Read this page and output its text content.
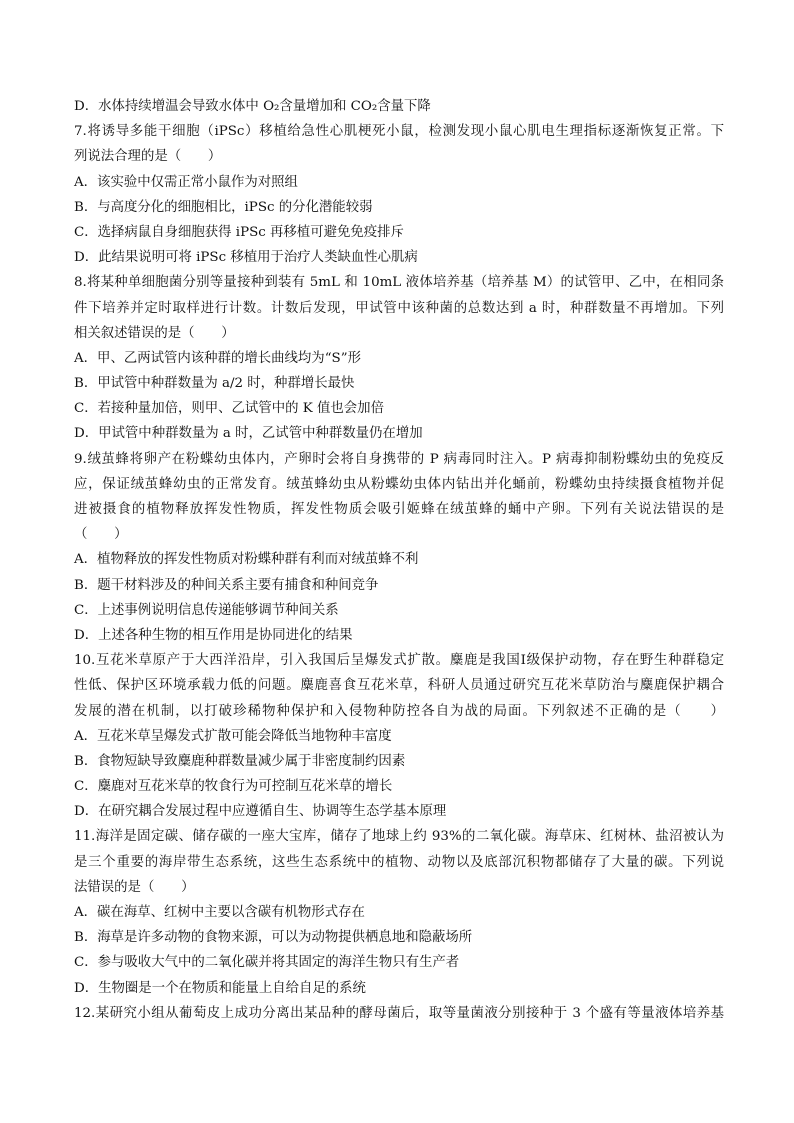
D．水体持续增温会导致水体中 O₂含量增加和 CO₂含量下降
7.将诱导多能干细胞（iPSc）移植给急性心肌梗死小鼠，检测发现小鼠心肌电生理指标逐渐恢复正常。下
列说法合理的是（　　）
A．该实验中仅需正常小鼠作为对照组
B．与高度分化的细胞相比，iPSc 的分化潜能较弱
C．选择病鼠自身细胞获得 iPSc 再移植可避免免疫排斥
D．此结果说明可将 iPSc 移植用于治疗人类缺血性心肌病
8.将某种单细胞菌分别等量接种到装有 5mL 和 10mL 液体培养基（培养基 M）的试管甲、乙中，在相同条
件下培养并定时取样进行计数。计数后发现，甲试管中该种菌的总数达到 a 时，种群数量不再增加。下列
相关叙述错误的是（　　）
A．甲、乙两试管内该种群的增长曲线均为“S”形
B．甲试管中种群数量为 a/2 时，种群增长最快
C．若接种量加倍，则甲、乙试管中的 K 值也会加倍
D．甲试管中种群数量为 a 时，乙试管中种群数量仍在增加
9.绒茧蜂将卵产在粉蝶幼虫体内，产卵时会将自身携带的 P 病毒同时注入。P 病毒抑制粉蝶幼虫的免疫反
应，保证绒茧蜂幼虫的正常发育。绒茧蜂幼虫从粉蝶幼虫体内钻出并化蛹前，粉蝶幼虫持续摄食植物并促
进被摄食的植物释放挥发性物质，挥发性物质会吸引姬蜂在绒茧蜂的蛹中产卵。下列有关说法错误的是
（　　）
A．植物释放的挥发性物质对粉蝶种群有利而对绒茧蜂不利
B．题干材料涉及的种间关系主要有捕食和种间竞争
C．上述事例说明信息传递能够调节种间关系
D．上述各种生物的相互作用是协同进化的结果
10.互花米草原产于大西洋沿岸，引入我国后呈爆发式扩散。麋鹿是我国Ⅰ级保护动物，存在野生种群稳定
性低、保护区环境承载力低的问题。麋鹿喜食互花米草，科研人员通过研究互花米草防治与麋鹿保护耦合
发展的潜在机制，以打破珍稀物种保护和入侵物种防控各自为战的局面。下列叙述不正确的是（　　）
A．互花米草呈爆发式扩散可能会降低当地物种丰富度
B．食物短缺导致麋鹿种群数量减少属于非密度制约因素
C．麋鹿对互花米草的牧食行为可控制互花米草的增长
D．在研究耦合发展过程中应遵循自生、协调等生态学基本原理
11.海洋是固定碳、储存碳的一座大宝库，储存了地球上约 93%的二氧化碳。海草床、红树林、盐沼被认为
是三个重要的海岸带生态系统，这些生态系统中的植物、动物以及底部沉积物都储存了大量的碳。下列说
法错误的是（　　）
A．碳在海草、红树中主要以含碳有机物形式存在
B．海草是许多动物的食物来源，可以为动物提供栖息地和隐蔽场所
C．参与吸收大气中的二氧化碳并将其固定的海洋生物只有生产者
D．生物圈是一个在物质和能量上自给自足的系统
12.某研究小组从葡萄皮上成功分离出某品种的酵母菌后，取等量菌液分别接种于 3 个盛有等量液体培养基
